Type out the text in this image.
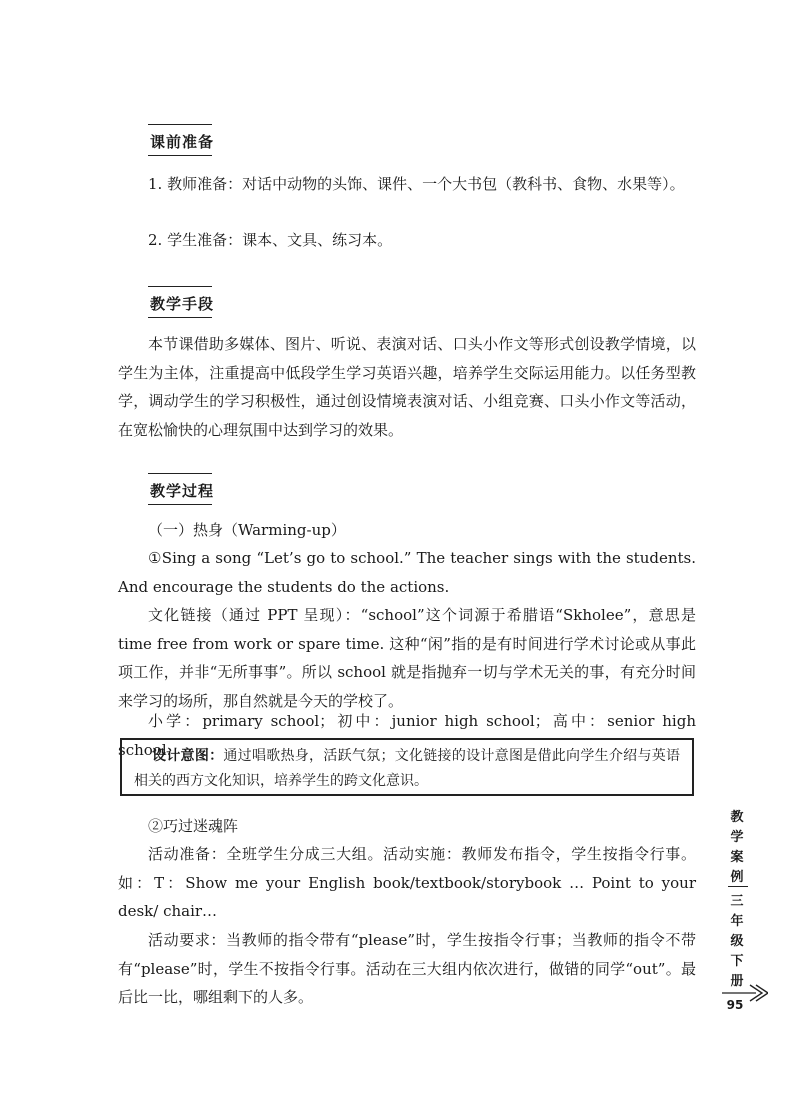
课前准备

1. 教师准备：对话中动物的头饰、课件、一个大书包（教科书、食物、水果等）。

2. 学生准备：课本、文具、练习本。

教学手段

本节课借助多媒体、图片、听说、表演对话、口头小作文等形式创设教学情境，以学生为主体，注重提高中低段学生学习英语兴趣，培养学生交际运用能力。以任务型教学，调动学生的学习积极性，通过创设情境表演对话、小组竞赛、口头小作文等活动，在宽松愉快的心理氛围中达到学习的效果。

教学过程

（一）热身（Warming-up）

①Sing a song “Let’s go to school.” The teacher sings with the students. And encourage the students do the actions.

文化链接（通过 PPT 呈现）：“school”这个词源于希腊语“Skholee”，意思是 time free from work or spare time. 这种“闲”指的是有时间进行学术讨论或从事此项工作，并非“无所事事”。所以 school 就是指抛弃一切与学术无关的事，有充分时间来学习的场所，那自然就是今天的学校了。

小学：primary school；初中：junior high school；高中：senior high school.

设计意图：通过唱歌热身，活跃气氛；文化链接的设计意图是借此向学生介绍与英语相关的西方文化知识，培养学生的跨文化意识。

②巧过迷魂阵

活动准备：全班学生分成三大组。活动实施：教师发布指令，学生按指令行事。如：T：Show me your English book/textbook/storybook … Point to your desk/ chair…

活动要求：当教师的指令带有“please”时，学生按指令行事；当教师的指令不带有“please”时，学生不按指令行事。活动在三大组内依次进行，做错的同学“out”。最后比一比，哪组剩下的人多。

教
学
案
例
三
年
级
下
册
95
